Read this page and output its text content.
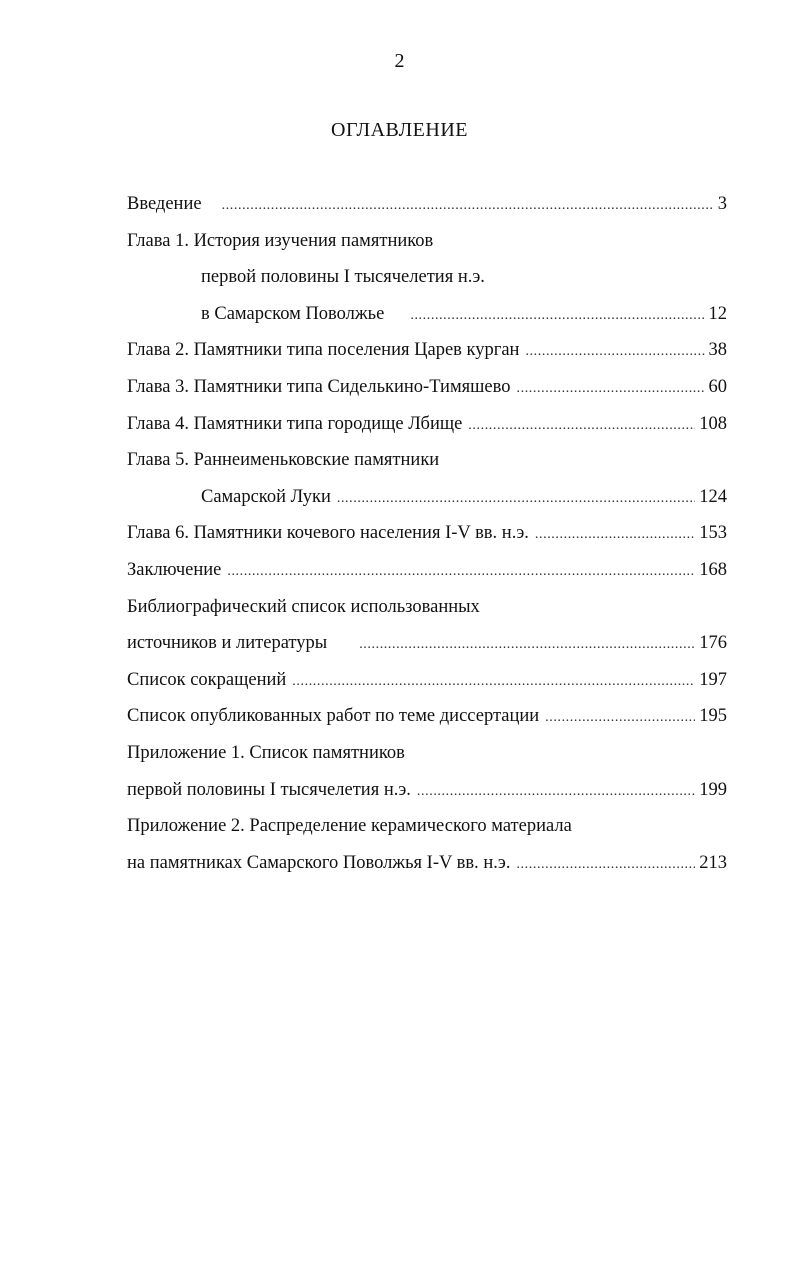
2
ОГЛАВЛЕНИЕ
Введение .....	3
Глава 1. История изучения памятников
первой половины I тысячелетия н.э.
в Самарском Поволжье .....	12
Глава 2. Памятники типа поселения Царев курган .....	38
Глава 3. Памятники типа Сиделькино-Тимяшево .....	60
Глава 4. Памятники типа городище Лбище .....	108
Глава 5. Раннеименьковские памятники
Самарской Луки .....	124
Глава 6. Памятники кочевого населения I-V вв. н.э. .....	153
Заключение .....	168
Библиографический список использованных
источников и литературы .....	176
Список сокращений .....	197
Список опубликованных работ по теме диссертации .....	195
Приложение 1. Список памятников
первой половины I тысячелетия н.э. .....	199
Приложение 2. Распределение керамического материала
на памятниках Самарского Поволжья I-V вв. н.э. .....	213
